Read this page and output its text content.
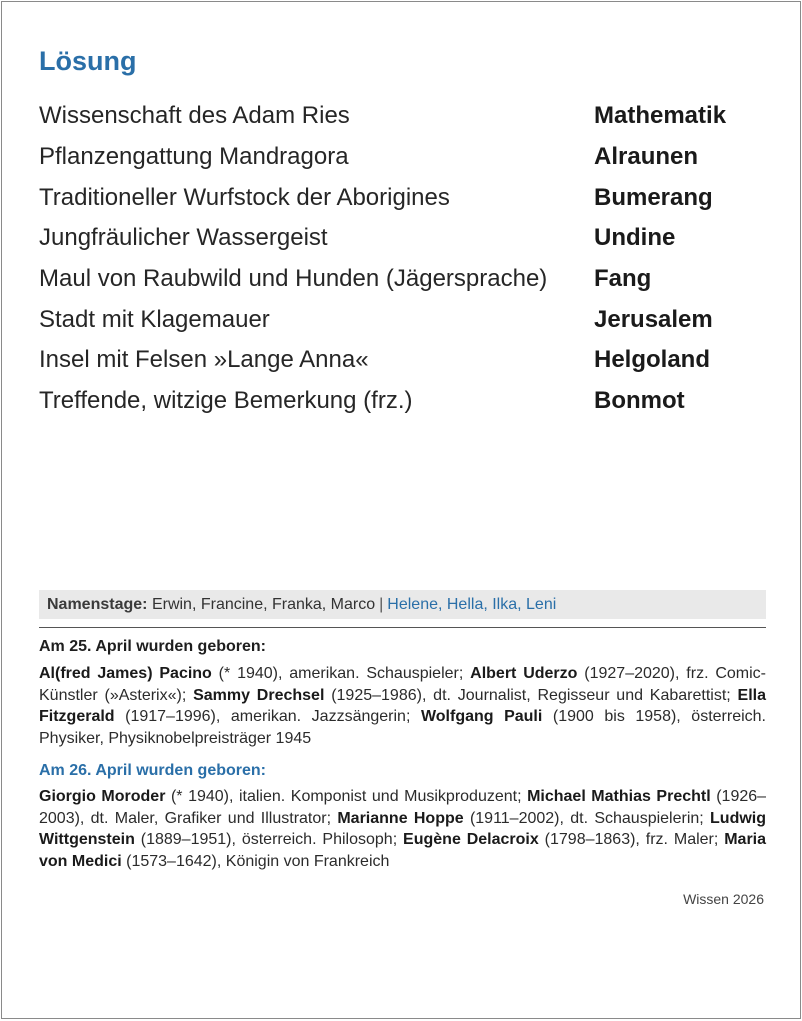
Lösung
Wissenschaft des Adam Ries	Mathematik
Pflanzengattung Mandragora	Alraunen
Traditioneller Wurfstock der Aborigines	Bumerang
Jungfräulicher Wassergeist	Undine
Maul von Raubwild und Hunden (Jägersprache)	Fang
Stadt mit Klagemauer	Jerusalem
Insel mit Felsen »Lange Anna«	Helgoland
Treffende, witzige Bemerkung (frz.)	Bonmot
Namenstage:
Erwin, Francine, Franka, Marco | Helene, Hella, Ilka, Leni
Am 25. April wurden geboren:
Al(fred James) Pacino (* 1940), amerikan. Schauspieler; Albert Uderzo (1927–2020), frz. Comic-Künstler (»Asterix«); Sammy Drechsel (1925–1986), dt. Journalist, Regisseur und Kabarettist; Ella Fitzgerald (1917–1996), amerikan. Jazzsängerin; Wolfgang Pauli (1900 bis 1958), österreich. Physiker, Physiknobelpreisträger 1945
Am 26. April wurden geboren:
Giorgio Moroder (* 1940), italien. Komponist und Musikproduzent; Michael Mathias Prechtl (1926–2003), dt. Maler, Grafiker und Illustrator; Marianne Hoppe (1911–2002), dt. Schauspielerin; Ludwig Wittgenstein (1889–1951), österreich. Philosoph; Eugène Delacroix (1798–1863), frz. Maler; Maria von Medici (1573–1642), Königin von Frankreich
Wissen 2026
